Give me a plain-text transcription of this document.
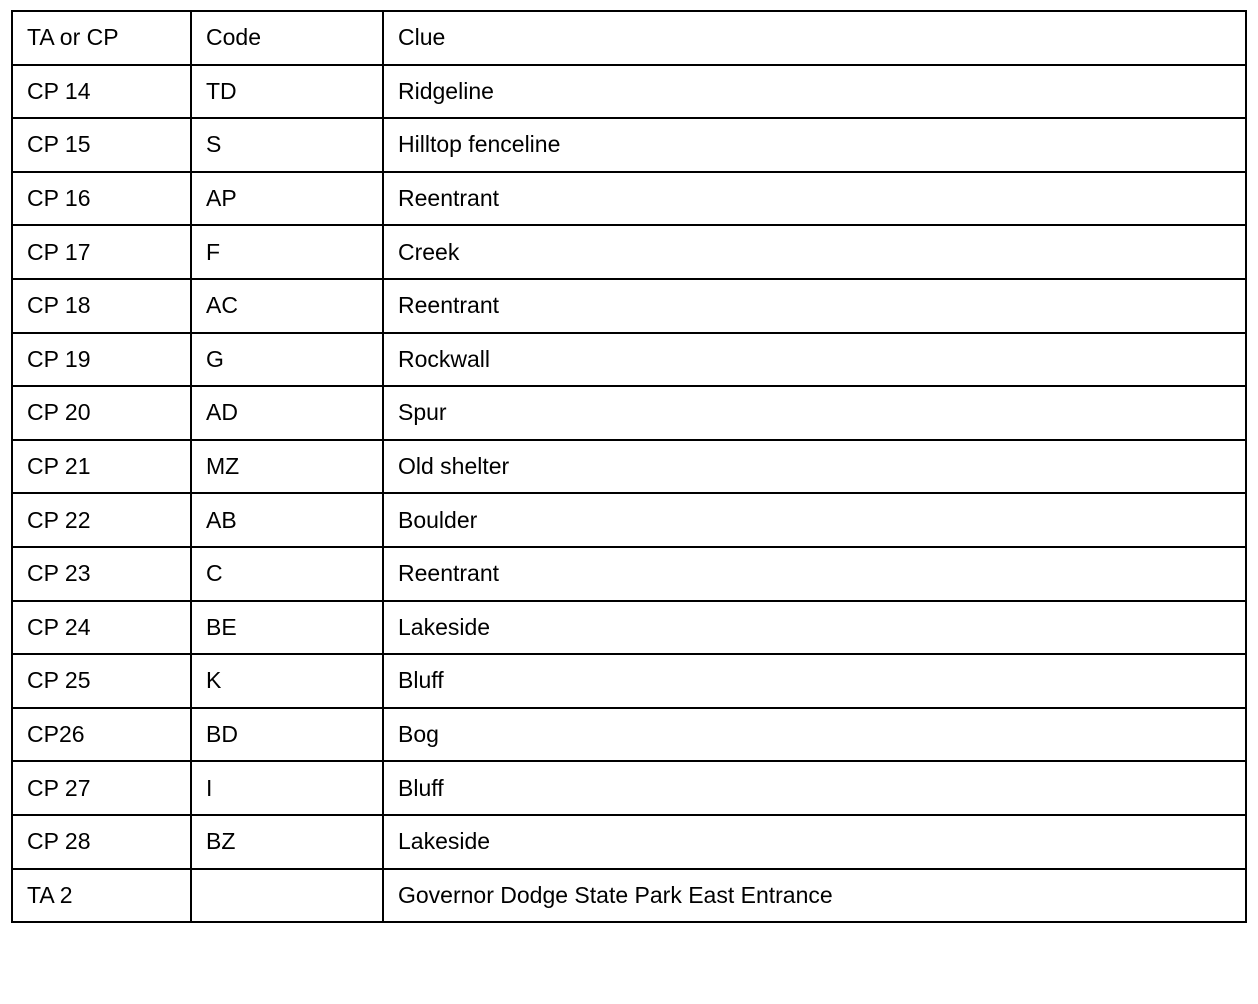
TA or CP	Code	Clue
CP 14	TD	Ridgeline
CP 15	S	Hilltop fenceline
CP 16	AP	Reentrant
CP 17	F	Creek
CP 18	AC	Reentrant
CP 19	G	Rockwall
CP 20	AD	Spur
CP 21	MZ	Old shelter
CP 22	AB	Boulder
CP 23	C	Reentrant
CP 24	BE	Lakeside
CP 25	K	Bluff
CP26	BD	Bog
CP 27	I	Bluff
CP 28	BZ	Lakeside
TA 2		Governor Dodge State Park East Entrance
